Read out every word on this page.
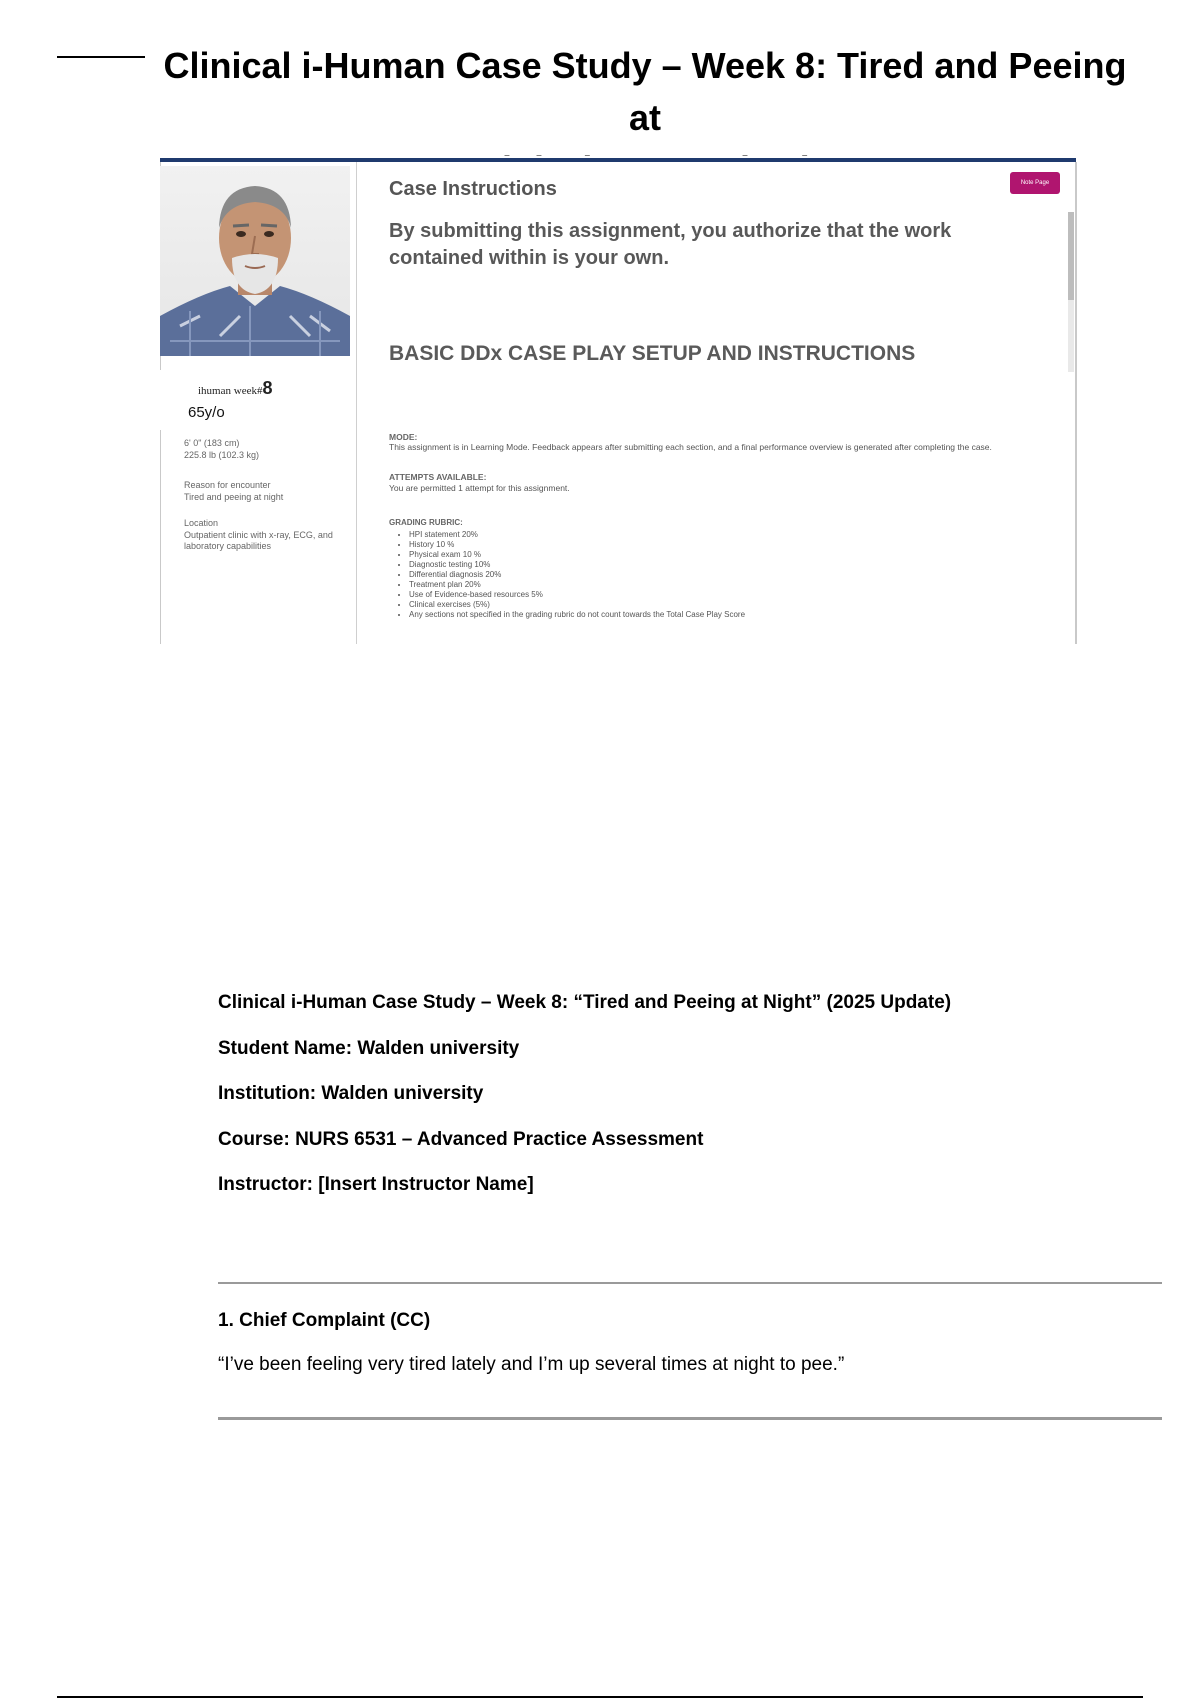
Clinical i-Human Case Study – Week 8: Tired and Peeing at
ihuman week#8
65y/o
6' 0" (183 cm)
225.8 lb (102.3 kg)
Reason for encounter
Tired and peeing at night
Location
Outpatient clinic with x-ray, ECG, and laboratory capabilities
Case Instructions	Note Page
By submitting this assignment, you authorize that the work contained within is your own.
BASIC DDx CASE PLAY SETUP AND INSTRUCTIONS
MODE:
This assignment is in Learning Mode. Feedback appears after submitting each section, and a final performance overview is generated after completing the case.
ATTEMPTS AVAILABLE:
You are permitted 1 attempt for this assignment.
GRADING RUBRIC:
• HPI statement 20%
• History 10 %
• Physical exam 10 %
• Diagnostic testing 10%
• Differential diagnosis 20%
• Treatment plan 20%
• Use of Evidence-based resources 5%
• Clinical exercises (5%)
• Any sections not specified in the grading rubric do not count towards the Total Case Play Score
Clinical i-Human Case Study – Week 8: “Tired and Peeing at Night” (2025 Update)
Student Name: Walden university
Institution: Walden university
Course: NURS 6531 – Advanced Practice Assessment
Instructor: [Insert Instructor Name]
1. Chief Complaint (CC)
“I’ve been feeling very tired lately and I’m up several times at night to pee.”
